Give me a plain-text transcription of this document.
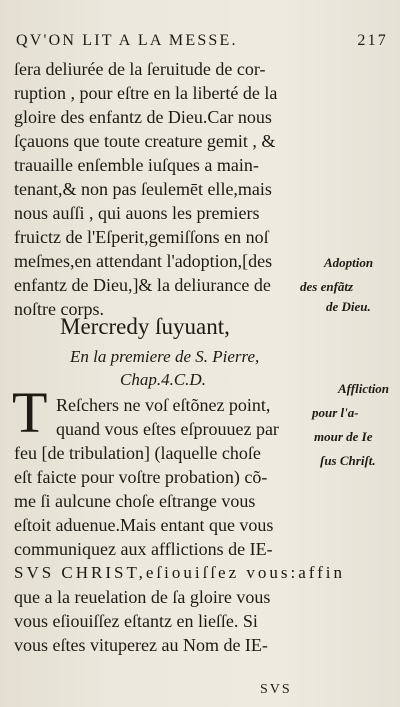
QV'ON LIT A LA MESSE.	217
ſera deliurée de la ſeruitude de cor-
ruption , pour eſtre en la liberté de la
gloire des enfantz de Dieu.Car nous
ſçauons que toute creature gemit , &
trauaille enſemble iuſques a main-
tenant,& non pas ſeulemēt elle,mais
nous auſſi , qui auons les premiers
fruictz de l'Eſperit,gemiſſons en noſ
meſmes,en attendant l'adoption,[des
enfantz de Dieu,]& la deliurance de
noſtre corps.
Adoption
des enfãtz
de Dieu.
Mercredy ſuyuant,
En la premiere de S. Pierre,
Chap.4.C.D.
T Reſchers ne voſ eſtõnez point,
quand vous eſtes eſprouuez par
feu [de tribulation] (laquelle choſe
eſt faicte pour voſtre probation) cõ-
me ſi aulcune choſe eſtrange vous
eſtoit aduenue.Mais entant que vous
communiquez aux afflictions de IE-
SVS CHRIST,eſiouiſſez vous:affin
que a la reuelation de ſa gloire vous
vous eſiouiſſez eſtantz en lieſſe. Si
vous eſtes vituperez au Nom de IE-
Affliction
pour l'a-
mour de Ie
ſus Chriſt.
SVS
